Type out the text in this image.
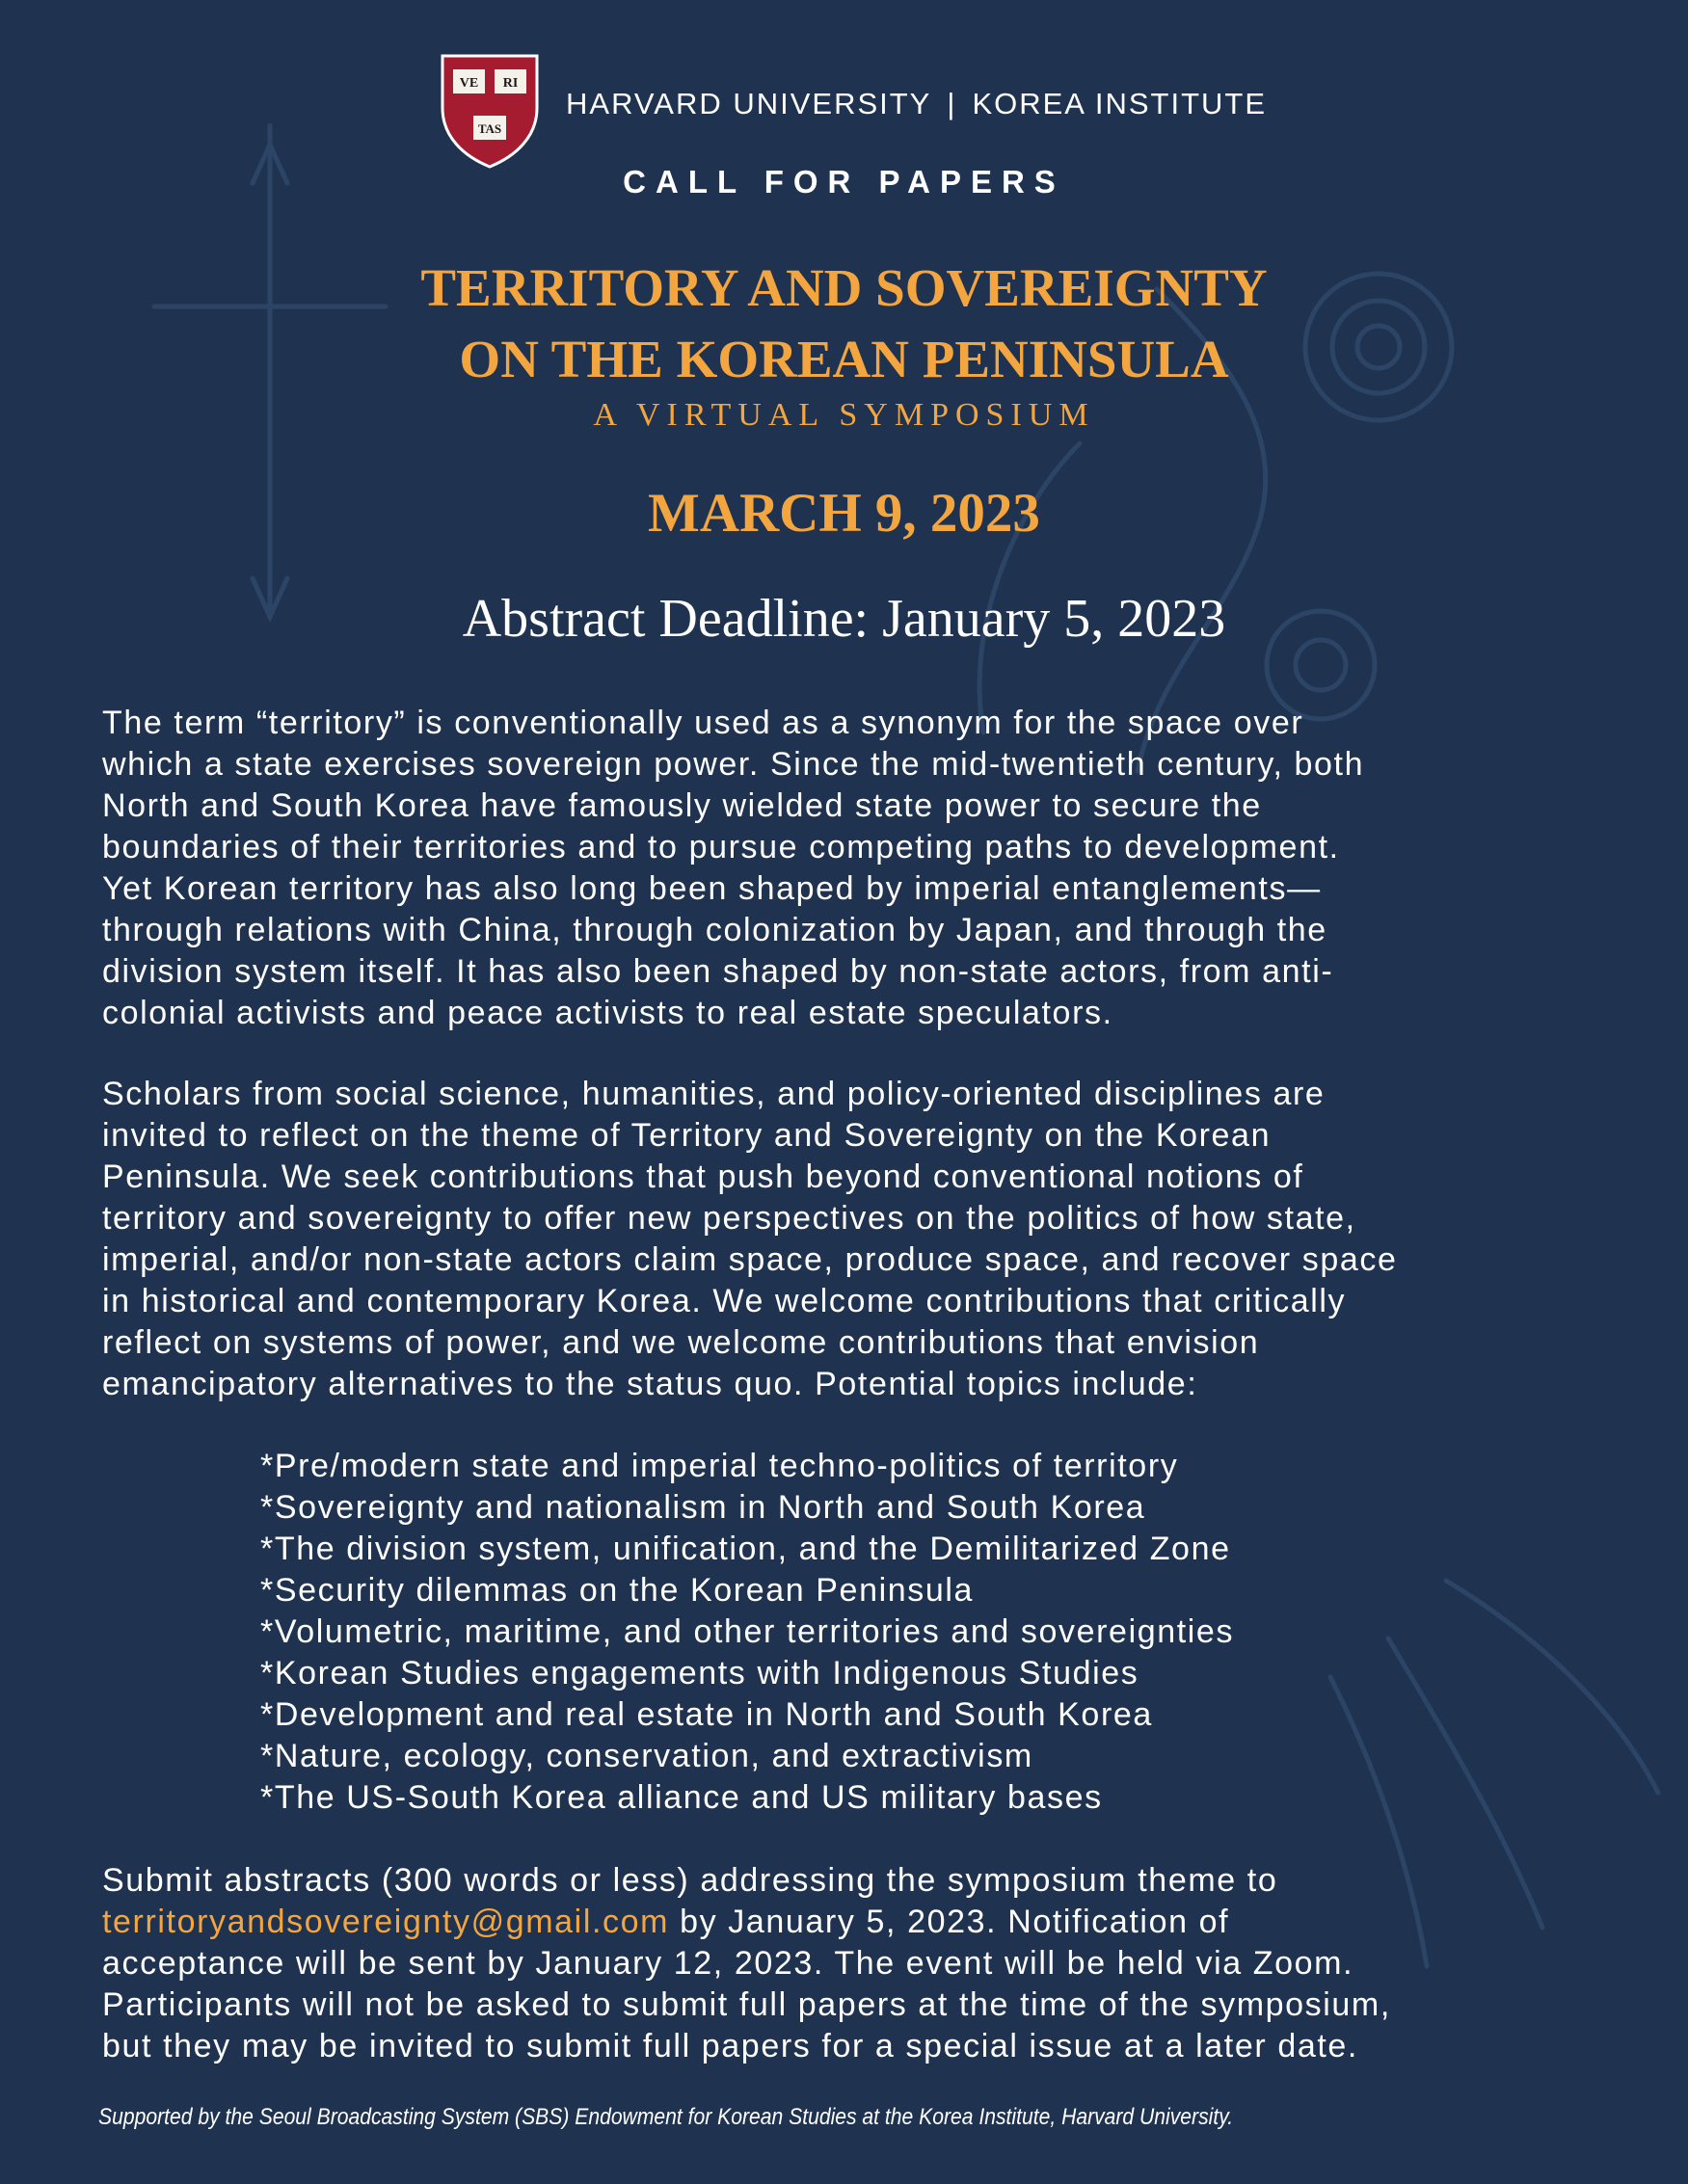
VE RI
TAS
HARVARD UNIVERSITY | KOREA INSTITUTE
CALL FOR PAPERS
TERRITORY AND SOVEREIGNTY
ON THE KOREAN PENINSULA
A VIRTUAL SYMPOSIUM
MARCH 9, 2023
Abstract Deadline: January 5, 2023

The term “territory” is conventionally used as a synonym for the space over
which a state exercises sovereign power. Since the mid-twentieth century, both
North and South Korea have famously wielded state power to secure the
boundaries of their territories and to pursue competing paths to development.
Yet Korean territory has also long been shaped by imperial entanglements—
through relations with China, through colonization by Japan, and through the
division system itself. It has also been shaped by non-state actors, from anti-
colonial activists and peace activists to real estate speculators.

Scholars from social science, humanities, and policy-oriented disciplines are
invited to reflect on the theme of Territory and Sovereignty on the Korean
Peninsula. We seek contributions that push beyond conventional notions of
territory and sovereignty to offer new perspectives on the politics of how state,
imperial, and/or non-state actors claim space, produce space, and recover space
in historical and contemporary Korea. We welcome contributions that critically
reflect on systems of power, and we welcome contributions that envision
emancipatory alternatives to the status quo. Potential topics include:

*Pre/modern state and imperial techno-politics of territory
*Sovereignty and nationalism in North and South Korea
*The division system, unification, and the Demilitarized Zone
*Security dilemmas on the Korean Peninsula
*Volumetric, maritime, and other territories and sovereignties
*Korean Studies engagements with Indigenous Studies
*Development and real estate in North and South Korea
*Nature, ecology, conservation, and extractivism
*The US-South Korea alliance and US military bases

Submit abstracts (300 words or less) addressing the symposium theme to
territoryandsovereignty@gmail.com by January 5, 2023. Notification of
acceptance will be sent by January 12, 2023. The event will be held via Zoom.
Participants will not be asked to submit full papers at the time of the symposium,
but they may be invited to submit full papers for a special issue at a later date.

Supported by the Seoul Broadcasting System (SBS) Endowment for Korean Studies at the Korea Institute, Harvard University.
